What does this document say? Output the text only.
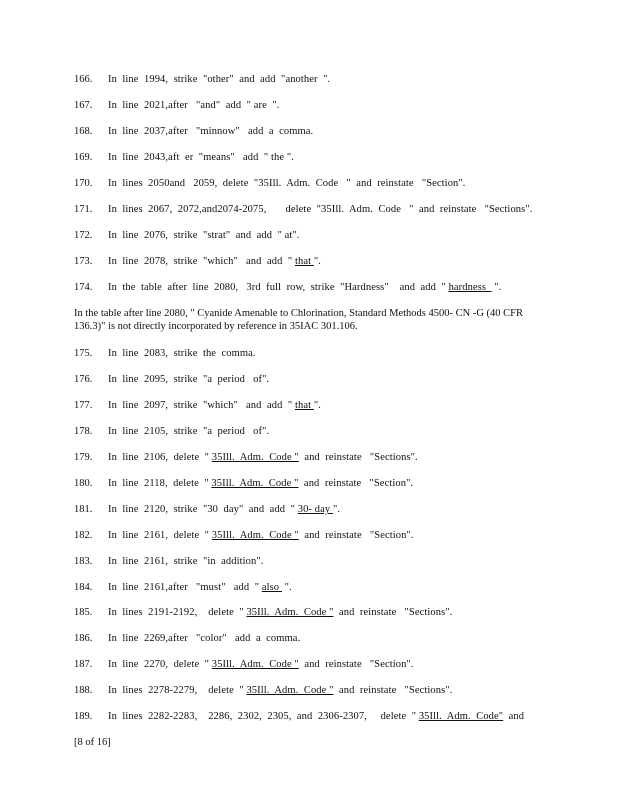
In the table after line 2080, " Cyanide Amenable to Chlorination, Standard Methods 4500- CN -G (40 CFR 136.3)" is not directly incorporated by reference in 35IAC 301.106.
[8 of 16]
166. In  line  1994,  strike  "other"  and  add  "another  ".
167. In  line  2021,after   "and"  add  " are  ".
168. In  line  2037,after   "minnow"   add  a  comma.
169. In  line  2043,aft  er  "means"   add  " the ".
170. In  lines  2050and   2059,  delete  "35Ill.  Adm.  Code   "  and  reinstate   "Section".
171. In  lines  2067,  2072,and2074-2075,       delete  "35Ill.  Adm.  Code   "  and  reinstate   "Sections".
172. In  line  2076,  strike  "strat"  and  add  " at".
173. In  line  2078,  strike  "which"   and  add  " that ".
174. In  the  table  after  line  2080,   3rd  full  row,  strike  "Hardness"    and  add  " hardness   ".
175. In  line  2083,  strike  the  comma.
176. In  line  2095,  strike  "a  period   of".
177. In  line  2097,  strike  "which"   and  add  " that ".
178. In  line  2105,  strike  "a  period   of".
179. In  line  2106,  delete  " 35Ill.  Adm.  Code "  and  reinstate   "Sections".
180. In  line  2118,  delete  " 35Ill.  Adm.  Code "  and  reinstate   "Section".
181. In  line  2120,  strike  "30  day"  and  add  " 30- day ".
182. In  line  2161,  delete  " 35Ill.  Adm.  Code "  and  reinstate   "Section".
183. In  line  2161,  strike  "in  addition".
184. In  line  2161,after   "must"   add  " also  ".
185. In  lines  2191-2192,    delete  " 35Ill.  Adm.  Code "  and  reinstate   "Sections".
186. In  line  2269,after   "color"   add  a  comma.
187. In  line  2270,  delete  " 35Ill.  Adm.  Code "  and  reinstate   "Section".
188. In  lines  2278-2279,    delete  " 35Ill.  Adm.  Code "  and  reinstate   "Sections".
189. In  lines  2282-2283,    2286,  2302,  2305,  and  2306-2307,     delete  " 35Ill.  Adm.  Code"  and
